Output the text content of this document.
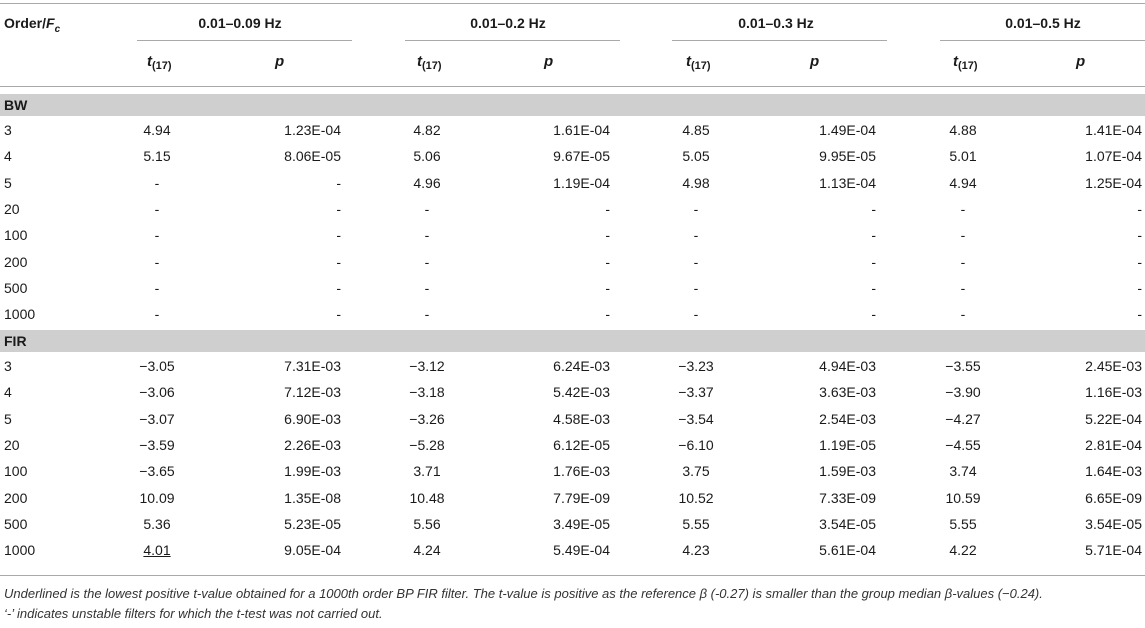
Order/$F_c$	0.01–0.09 Hz	0.01–0.2 Hz	0.01–0.3 Hz	0.01–0.5 Hz
$t_{(17)}$	p	$t_{(17)}$	p	$t_{(17)}$	p	$t_{(17)}$	p
BW
3	4.94	1.23E-04	4.82	1.61E-04	4.85	1.49E-04	4.88	1.41E-04
4	5.15	8.06E-05	5.06	9.67E-05	5.05	9.95E-05	5.01	1.07E-04
5	-	-	4.96	1.19E-04	4.98	1.13E-04	4.94	1.25E-04
20	-	-	-	-	-	-	-	-
100	-	-	-	-	-	-	-	-
200	-	-	-	-	-	-	-	-
500	-	-	-	-	-	-	-	-
1000	-	-	-	-	-	-	-	-
FIR
3	−3.05	7.31E-03	−3.12	6.24E-03	−3.23	4.94E-03	−3.55	2.45E-03
4	−3.06	7.12E-03	−3.18	5.42E-03	−3.37	3.63E-03	−3.90	1.16E-03
5	−3.07	6.90E-03	−3.26	4.58E-03	−3.54	2.54E-03	−4.27	5.22E-04
20	−3.59	2.26E-03	−5.28	6.12E-05	−6.10	1.19E-05	−4.55	2.81E-04
100	−3.65	1.99E-03	3.71	1.76E-03	3.75	1.59E-03	3.74	1.64E-03
200	10.09	1.35E-08	10.48	7.79E-09	10.52	7.33E-09	10.59	6.65E-09
500	5.36	5.23E-05	5.56	3.49E-05	5.55	3.54E-05	5.55	3.54E-05
1000	4.01	9.05E-04	4.24	5.49E-04	4.23	5.61E-04	4.22	5.71E-04
Underlined is the lowest positive t-value obtained for a 1000th order BP FIR filter. The t-value is positive as the reference β (-0.27) is smaller than the group median β-values (−0.24).
‘-’ indicates unstable filters for which the t-test was not carried out.
